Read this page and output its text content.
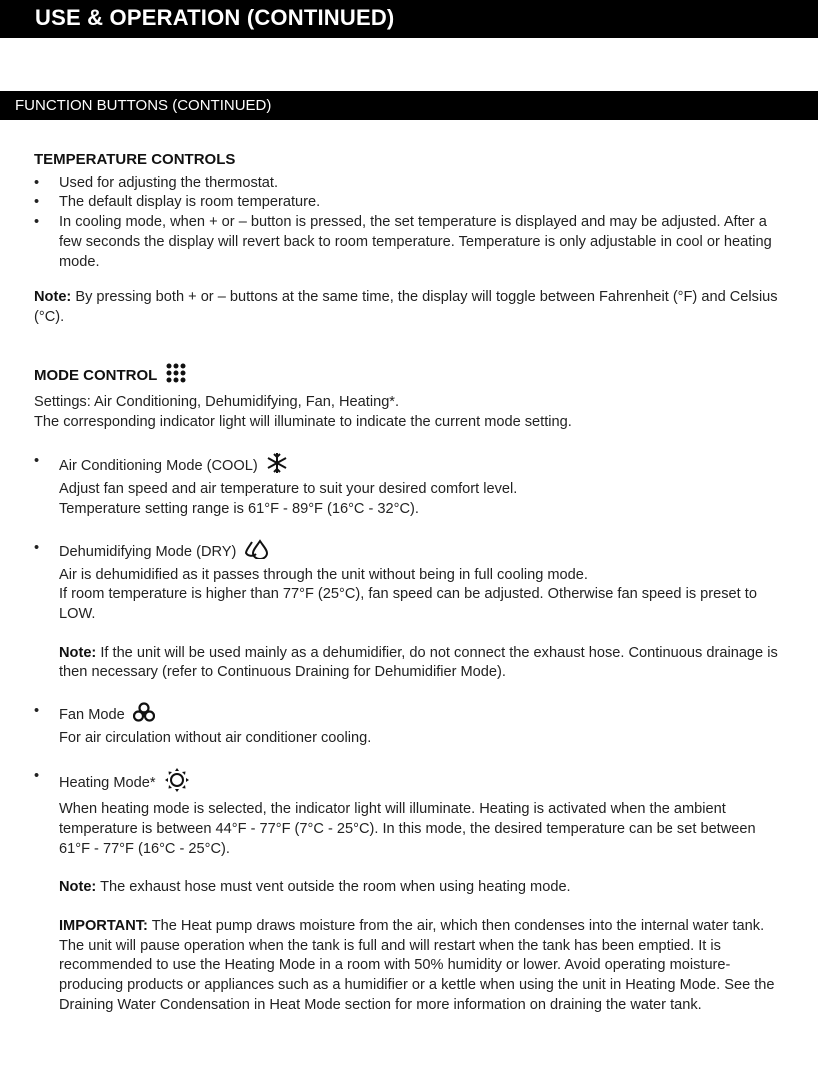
USE & OPERATION (CONTINUED)
FUNCTION BUTTONS (CONTINUED)
TEMPERATURE CONTROLS
• Used for adjusting the thermostat.
• The default display is room temperature.
• In cooling mode, when + or – button is pressed, the set temperature is displayed and may be adjusted. After a few seconds the display will revert back to room temperature. Temperature is only adjustable in cool or heating mode.

Note: By pressing both + or – buttons at the same time, the display will toggle between Fahrenheit (°F) and Celsius (°C).

MODE CONTROL

Settings: Air Conditioning, Dehumidifying, Fan, Heating*.

The corresponding indicator light will illuminate to indicate the current mode setting.

• Air Conditioning Mode (COOL)

Adjust fan speed and air temperature to suit your desired comfort level.

Temperature setting range is 61°F - 89°F (16°C - 32°C).

• Dehumidifying Mode (DRY)

Air is dehumidified as it passes through the unit without being in full cooling mode.

If room temperature is higher than 77°F (25°C), fan speed can be adjusted. Otherwise fan speed is preset to LOW.

Note: If the unit will be used mainly as a dehumidifier, do not connect the exhaust hose. Continuous drainage is then necessary (refer to Continuous Draining for Dehumidifier Mode).

• Fan Mode

For air circulation without air conditioner cooling.

• Heating Mode*

When heating mode is selected, the indicator light will illuminate. Heating is activated when the ambient temperature is between 44°F - 77°F (7°C - 25°C). In this mode, the desired temperature can be set between 61°F - 77°F (16°C - 25°C).

Note: The exhaust hose must vent outside the room when using heating mode.

IMPORTANT: The Heat pump draws moisture from the air, which then condenses into the internal water tank. The unit will pause operation when the tank is full and will restart when the tank has been emptied. It is recommended to use the Heating Mode in a room with 50% humidity or lower. Avoid operating moisture-producing products or appliances such as a humidifier or a kettle when using the unit in Heating Mode. See the Draining Water Condensation in Heat Mode section for more information on draining the water tank.
